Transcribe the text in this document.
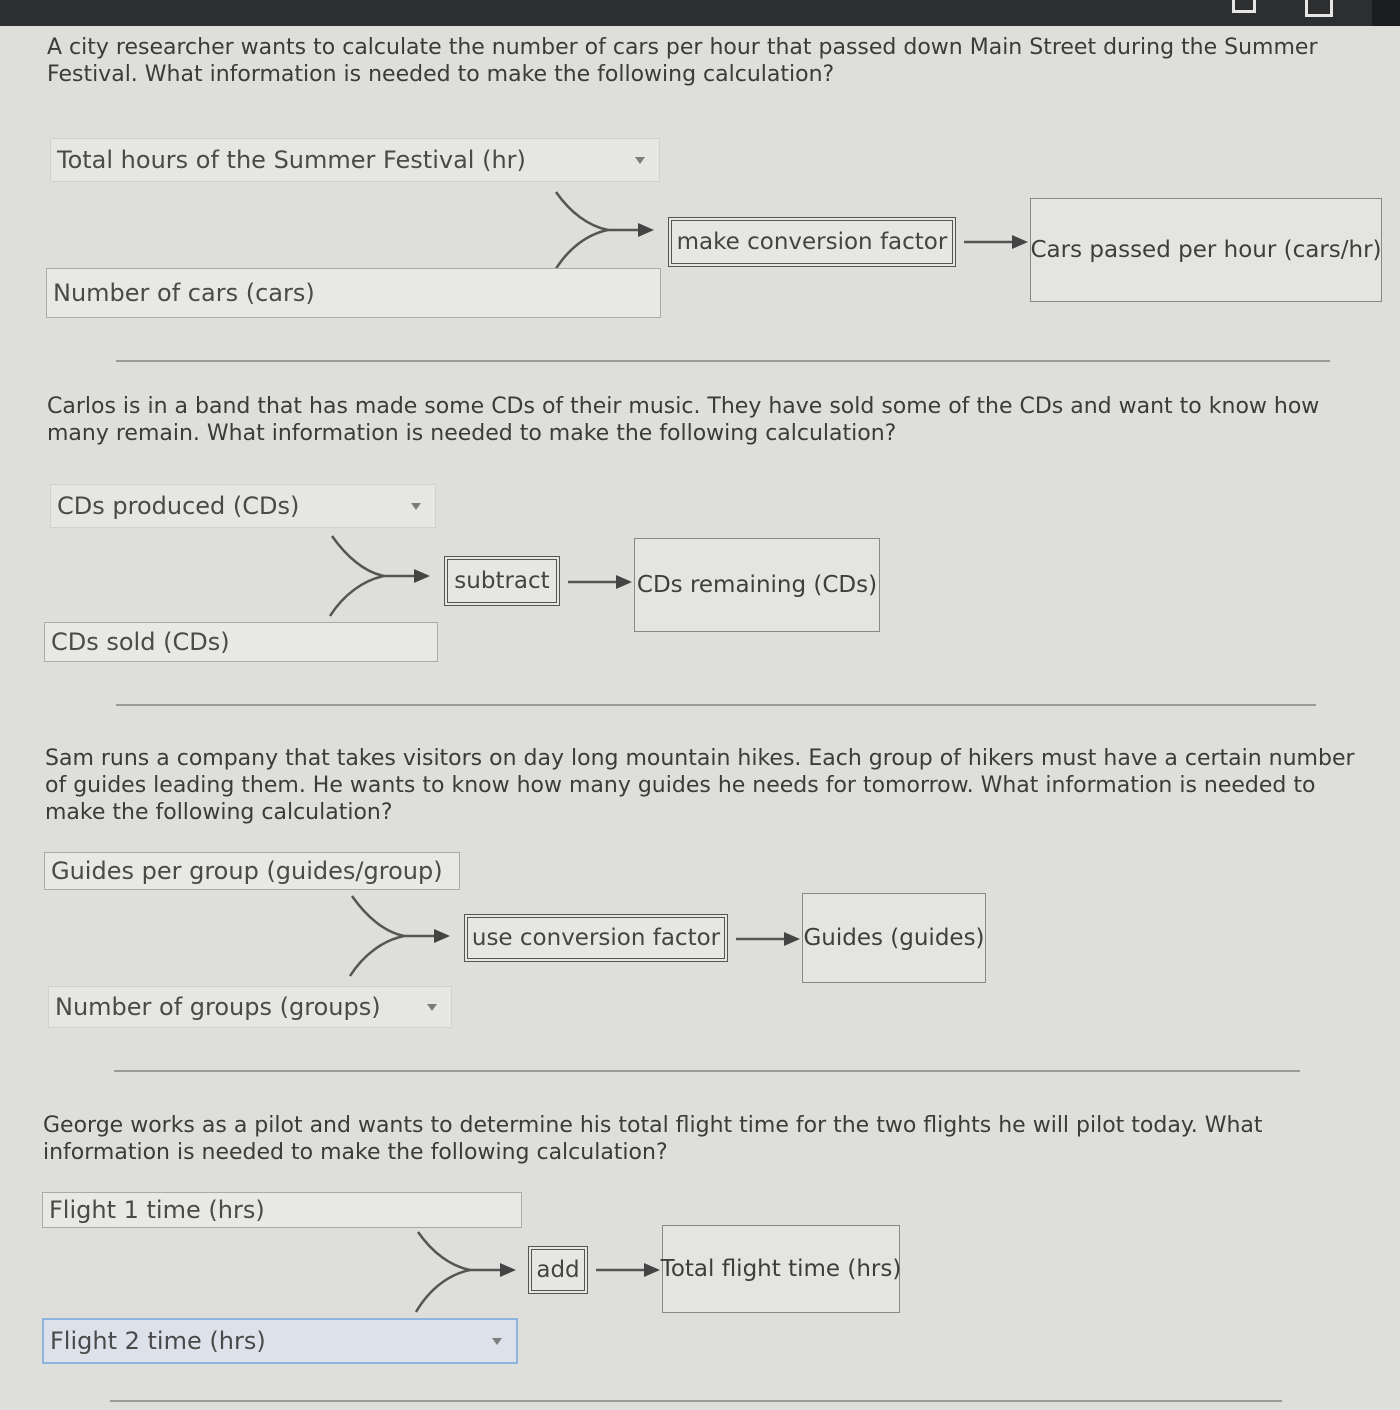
A city researcher wants to calculate the number of cars per hour that passed down Main Street during the Summer Festival. What information is needed to make the following calculation?

Total hours of the Summer Festival (hr)
make conversion factor	Cars passed per hour (cars/hr)
Number of cars (cars)

Carlos is in a band that has made some CDs of their music. They have sold some of the CDs and want to know how many remain. What information is needed to make the following calculation?

CDs produced (CDs)
subtract	CDs remaining (CDs)
CDs sold (CDs)

Sam runs a company that takes visitors on day long mountain hikes. Each group of hikers must have a certain number of guides leading them. He wants to know how many guides he needs for tomorrow. What information is needed to make the following calculation?

Guides per group (guides/group)
use conversion factor	Guides (guides)
Number of groups (groups)

George works as a pilot and wants to determine his total flight time for the two flights he will pilot today. What information is needed to make the following calculation?

Flight 1 time (hrs)
add	Total flight time (hrs)
Flight 2 time (hrs)
